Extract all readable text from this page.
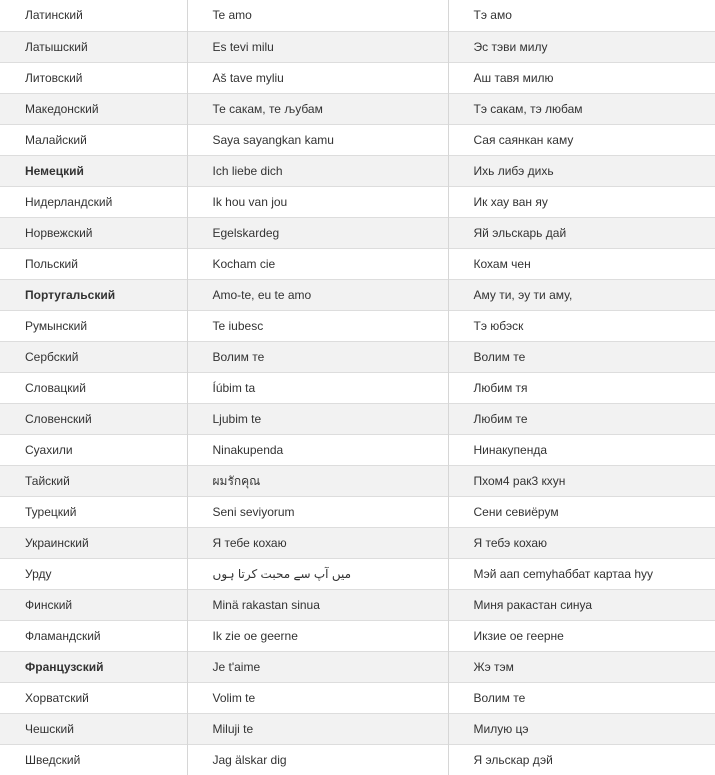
Латинский	Te amo	Тэ амо
Латышский	Es tevi milu	Эс тэви милу
Литовский	Aš tave myliu	Аш тавя милю
Македонский	Те сакам, те љубам	Тэ сакам, тэ любам
Малайский	Saya sayangkan kamu	Сая саянкан каму
Немецкий	Ich liebe dich	Ихь либэ дихь
Нидерландский	Ik hou van jou	Ик хау ван яу
Норвежский	Egelskardeg	Яй эльскарь дай
Польский	Kocham cie	Кохам чен
Португальский	Amo-te, eu te amo	Аму ти, эу ти аму,
Румынский	Te iubesc	Тэ юбэск
Сербский	Волим те	Волим те
Словацкий	Íúbim ta	Любим тя
Словенский	Ljubim te	Любим те
Суахили	Ninakupenda	Нинакупенда
Тайский	ผมรักคุณ	Пхом4 рак3 кхун
Турецкий	Seni seviyorum	Сени севиёрум
Украинский	Я тебе кохаю	Я тебэ кохаю
Урду	میں آپ سے محبت کرتا ہوں	Мэй аап сеmyhаббат картаа hyy
Финский	Minä rakastan sinua	Миня ракастан синуа
Фламандский	Ik zie oe geerne	Икзие ое геерне
Французский	Je t'aime	Жэ тэм
Хорватский	Volim te	Волим те
Чешский	Miluji te	Милую цэ
Шведский	Jag älskar dig	Я эльскар дэй
